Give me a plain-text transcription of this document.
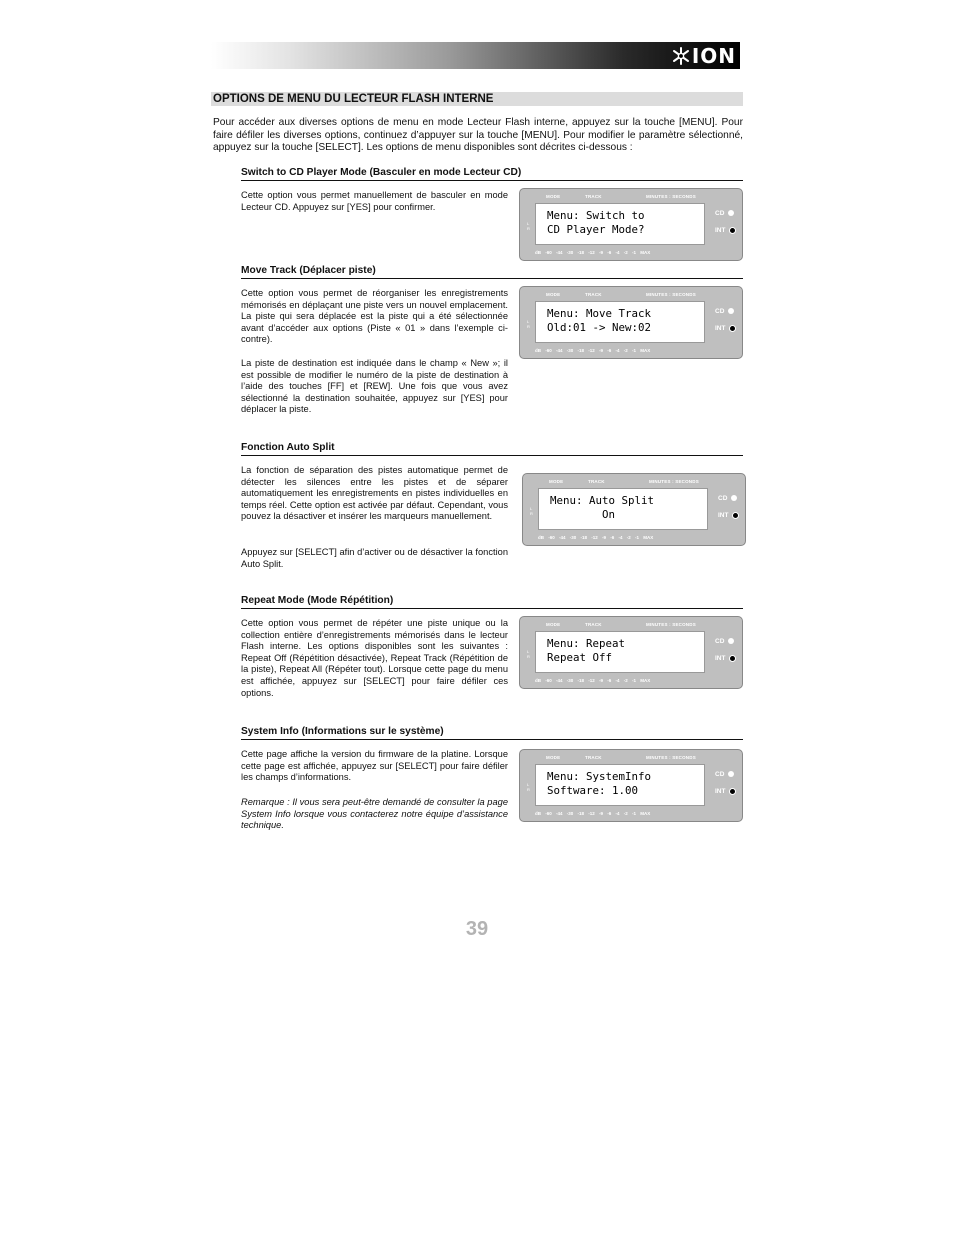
ION
OPTIONS DE MENU DU LECTEUR FLASH INTERNE

Pour accéder aux diverses options de menu en mode Lecteur Flash interne, appuyez sur la touche [MENU]. Pour faire défiler les diverses options, continuez d’appuyer sur la touche [MENU]. Pour modifier le paramètre sélectionné, appuyez sur la touche [SELECT]. Les options de menu disponibles sont décrites ci-dessous :

Switch to CD Player Mode (Basculer en mode Lecteur CD)

Cette option vous permet manuellement de basculer en mode Lecteur CD. Appuyez sur [YES] pour confirmer.

MODE	TRACK	MINUTES : SECONDS
L
R
Menu: Switch to
CD Player Mode?
CD
INT
dB -60 -44 -30 -18 -12 -9 -6 -4 -2 -1 MAX
Move Track (Déplacer piste)

Cette option vous permet de réorganiser les enregistrements mémorisés en déplaçant une piste vers un nouvel emplacement. La piste qui sera déplacée est la piste qui a été sélectionnée avant d’accéder aux options (Piste « 01 » dans l’exemple ci-contre).

La piste de destination est indiquée dans le champ « New »; il est possible de modifier le numéro de la piste de destination à l’aide des touches [FF] et [REW]. Une fois que vous avez sélectionné la destination souhaitée, appuyez sur [YES] pour déplacer la piste.

MODE	TRACK	MINUTES : SECONDS
L
R
Menu: Move Track
Old:01 -> New:02
CD
INT
dB -60 -44 -30 -18 -12 -9 -6 -4 -2 -1 MAX
Fonction Auto Split

La fonction de séparation des pistes automatique permet de détecter les silences entre les pistes et de séparer automatiquement les enregistrements en pistes individuelles en temps réel. Cette option est activée par défaut. Cependant, vous pouvez la désactiver et insérer les marqueurs manuellement.

Appuyez sur [SELECT] afin d’activer ou de désactiver la fonction Auto Split.

MODE	TRACK	MINUTES : SECONDS
L
R
Menu: Auto Split
On
CD
INT
dB -60 -44 -30 -18 -12 -9 -6 -4 -2 -1 MAX
Repeat Mode (Mode Répétition)

Cette option vous permet de répéter une piste unique ou la collection entière d’enregistrements mémorisés dans le lecteur Flash interne. Les options disponibles sont les suivantes : Repeat Off (Répétition désactivée), Repeat Track (Répétition de la piste), Repeat All (Répéter tout). Lorsque cette page du menu est affichée, appuyez sur [SELECT] pour faire défiler ces options.

MODE	TRACK	MINUTES : SECONDS
L
R
Menu: Repeat
Repeat Off
CD
INT
dB -60 -44 -30 -18 -12 -9 -6 -4 -2 -1 MAX
System Info (Informations sur le système)

Cette page affiche la version du firmware de la platine. Lorsque cette page est affichée, appuyez sur [SELECT] pour faire défiler les champs d’informations.

Remarque : Il vous sera peut-être demandé de consulter la page System Info lorsque vous contacterez notre équipe d’assistance technique.

MODE	TRACK	MINUTES : SECONDS
L
R
Menu: SystemInfo
Software: 1.00
CD
INT
dB -60 -44 -30 -18 -12 -9 -6 -4 -2 -1 MAX
39
